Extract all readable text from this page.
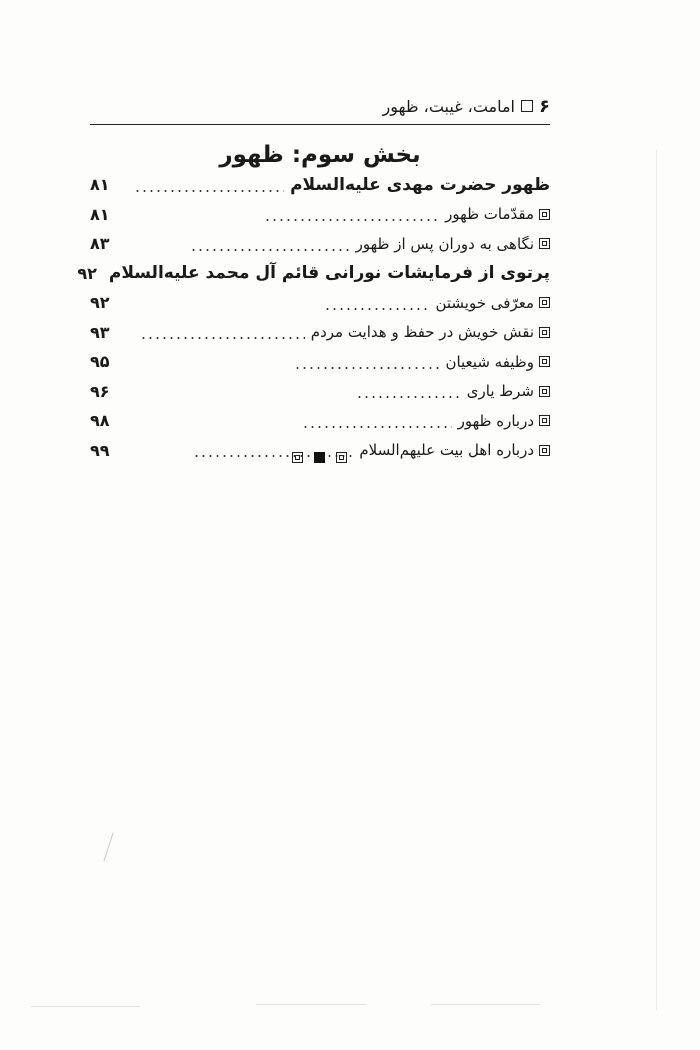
۶
امامت، غیبت، ظهور
بخش سوم: ظهور
ظهور حضرت مهدی علیه‌السلام
۸۱
مقدّمات ظهور
۸۱
نگاهی به دوران پس از ظهور
۸۳
پرتوی از فرمایشات نورانی قائم آل محمد علیه‌السلام
۹۲
معرّفی خویشتن
۹۲
نقش خویش در حفظ و هدایت مردم
۹۳
وظیفه شیعیان
۹۵
شرط یاری
۹۶
درباره ظهور
۹۸
درباره اهل بیت علیهم‌السلام
۹۹
